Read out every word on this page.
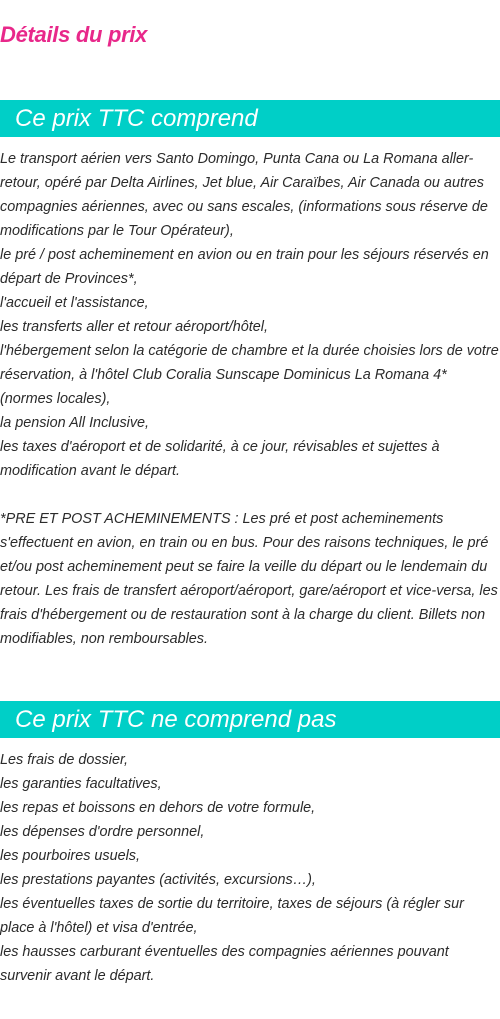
Détails du prix
Ce prix TTC comprend

Le transport aérien vers Santo Domingo, Punta Cana ou La Romana aller-retour, opéré par Delta Airlines, Jet blue, Air Caraïbes, Air Canada ou autres compagnies aériennes, avec ou sans escales, (informations sous réserve de modifications par le Tour Opérateur),

le pré / post acheminement en avion ou en train pour les séjours réservés en départ de Provinces*,

l'accueil et l'assistance,

les transferts aller et retour aéroport/hôtel,

l'hébergement selon la catégorie de chambre et la durée choisies lors de votre réservation, à l'hôtel Club Coralia Sunscape Dominicus La Romana 4* (normes locales),

la pension All Inclusive,

les taxes d'aéroport et de solidarité, à ce jour, révisables et sujettes à modification avant le départ.

*PRE ET POST ACHEMINEMENTS : Les pré et post acheminements s'effectuent en avion, en train ou en bus. Pour des raisons techniques, le pré et/ou post acheminement peut se faire la veille du départ ou le lendemain du retour. Les frais de transfert aéroport/aéroport, gare/aéroport et vice-versa, les frais d'hébergement ou de restauration sont à la charge du client. Billets non modifiables, non remboursables.

Ce prix TTC ne comprend pas

Les frais de dossier,

les garanties facultatives,

les repas et boissons en dehors de votre formule,

les dépenses d'ordre personnel,

les pourboires usuels,

les prestations payantes (activités, excursions…),

les éventuelles taxes de sortie du territoire, taxes de séjours (à régler sur place à l'hôtel) et visa d'entrée,

les hausses carburant éventuelles des compagnies aériennes pouvant survenir avant le départ.
